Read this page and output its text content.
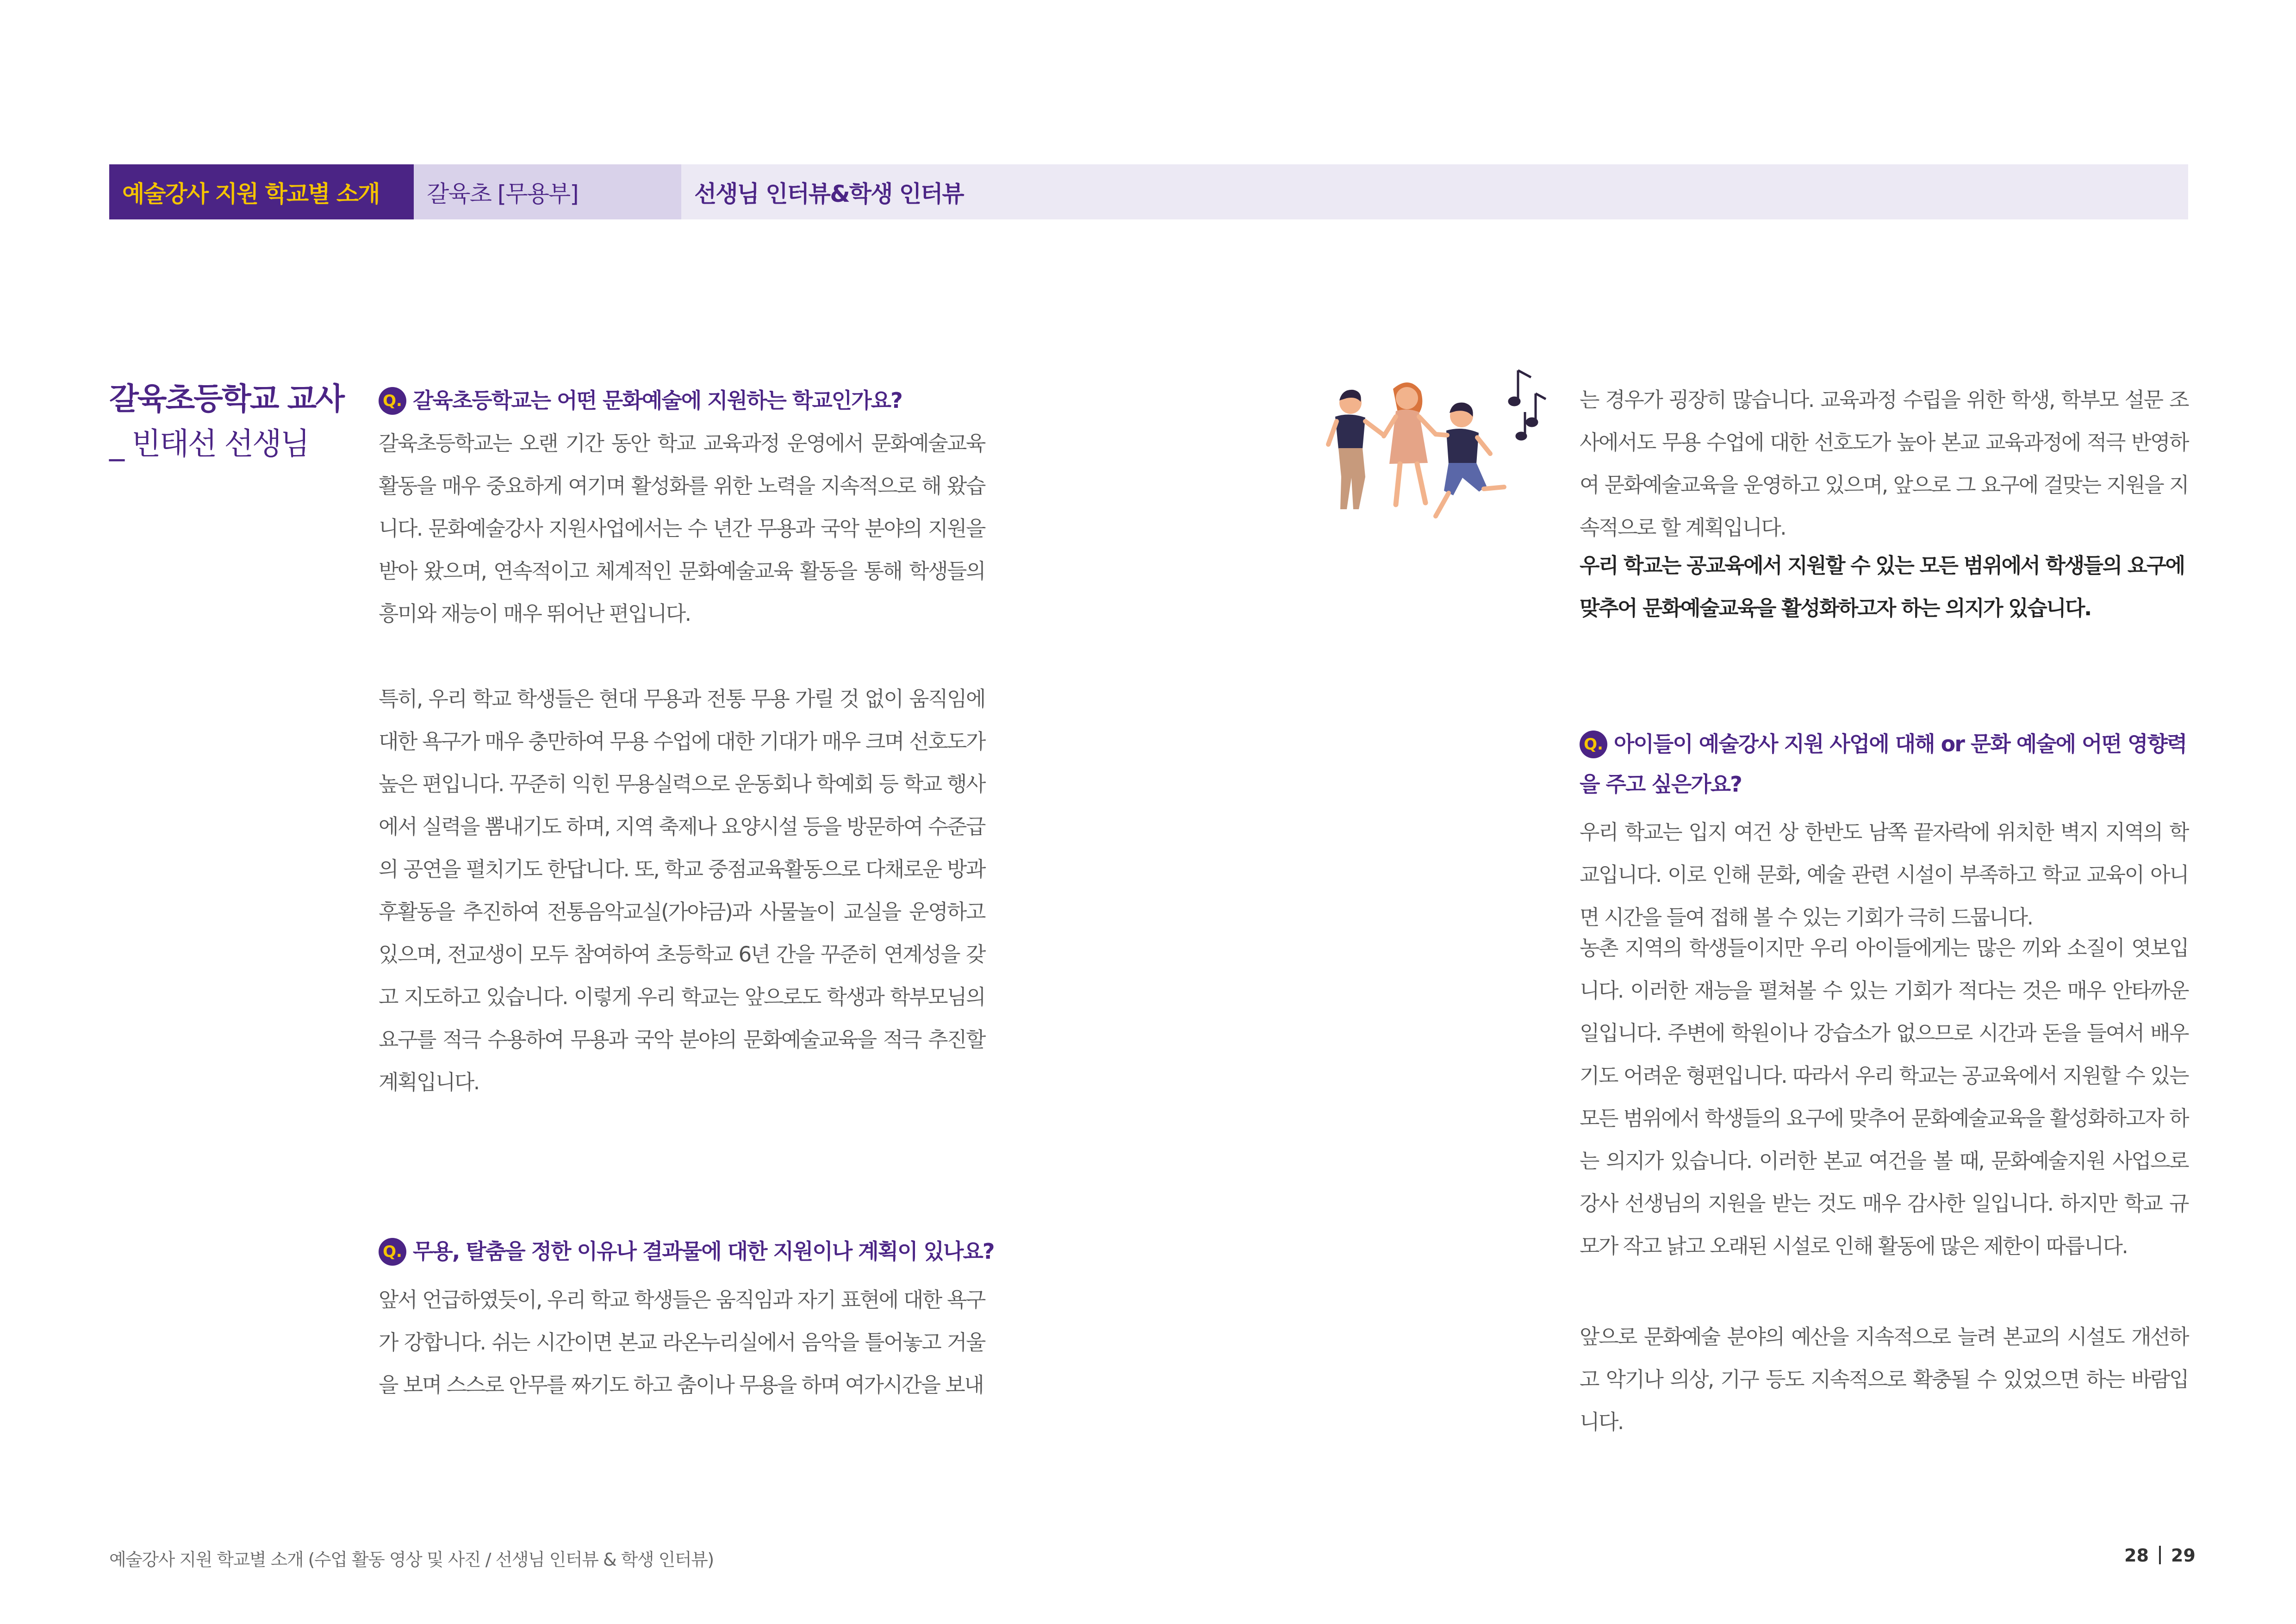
예술강사 지원 학교별 소개 갈육초 [무용부]	선생님 인터뷰&학생 인터뷰
갈육초등학교 교사
_ 빈태선 선생님
Q. 갈육초등학교는 어떤 문화예술에 지원하는 학교인가요?
갈육초등학교는 오랜 기간 동안 학교 교육과정 운영에서 문화예술교육활동을 매우 중요하게 여기며 활성화를 위한 노력을 지속적으로 해 왔습니다. 문화예술강사 지원사업에서는 수 년간 무용과 국악 분야의 지원을 받아 왔으며, 연속적이고 체계적인 문화예술교육 활동을 통해 학생들의 흥미와 재능이 매우 뛰어난 편입니다.
특히, 우리 학교 학생들은 현대 무용과 전통 무용 가릴 것 없이 움직임에 대한 욕구가 매우 충만하여 무용 수업에 대한 기대가 매우 크며 선호도가 높은 편입니다. 꾸준히 익힌 무용실력으로 운동회나 학예회 등 학교 행사에서 실력을 뽐내기도 하며, 지역 축제나 요양시설 등을 방문하여 수준급의 공연을 펼치기도 한답니다. 또, 학교 중점교육활동으로 다채로운 방과후활동을 추진하여 전통음악교실(가야금)과 사물놀이 교실을 운영하고 있으며, 전교생이 모두 참여하여 초등학교 6년 간을 꾸준히 연계성을 갖고 지도하고 있습니다. 이렇게 우리 학교는 앞으로도 학생과 학부모님의 요구를 적극 수용하여 무용과 국악 분야의 문화예술교육을 적극 추진할 계획입니다.
Q. 무용, 탈춤을 정한 이유나 결과물에 대한 지원이나 계획이 있나요?
앞서 언급하였듯이, 우리 학교 학생들은 움직임과 자기 표현에 대한 욕구가 강합니다. 쉬는 시간이면 본교 라온누리실에서 음악을 틀어놓고 거울을 보며 스스로 안무를 짜기도 하고 춤이나 무용을 하며 여가시간을 보내
는 경우가 굉장히 많습니다. 교육과정 수립을 위한 학생, 학부모 설문 조사에서도 무용 수업에 대한 선호도가 높아 본교 교육과정에 적극 반영하여 문화예술교육을 운영하고 있으며, 앞으로 그 요구에 걸맞는 지원을 지속적으로 할 계획입니다.
우리 학교는 공교육에서 지원할 수 있는 모든 범위에서 학생들의 요구에 맞추어 문화예술교육을 활성화하고자 하는 의지가 있습니다.
Q. 아이들이 예술강사 지원 사업에 대해 or 문화 예술에 어떤 영향력을 주고 싶은가요?
우리 학교는 입지 여건 상 한반도 남쪽 끝자락에 위치한 벽지 지역의 학교입니다. 이로 인해 문화, 예술 관련 시설이 부족하고 학교 교육이 아니면 시간을 들여 접해 볼 수 있는 기회가 극히 드뭅니다.
농촌 지역의 학생들이지만 우리 아이들에게는 많은 끼와 소질이 엿보입니다. 이러한 재능을 펼쳐볼 수 있는 기회가 적다는 것은 매우 안타까운 일입니다. 주변에 학원이나 강습소가 없으므로 시간과 돈을 들여서 배우기도 어려운 형편입니다. 따라서 우리 학교는 공교육에서 지원할 수 있는 모든 범위에서 학생들의 요구에 맞추어 문화예술교육을 활성화하고자 하는 의지가 있습니다. 이러한 본교 여건을 볼 때, 문화예술지원 사업으로 강사 선생님의 지원을 받는 것도 매우 감사한 일입니다. 하지만 학교 규모가 작고 낡고 오래된 시설로 인해 활동에 많은 제한이 따릅니다.
앞으로 문화예술 분야의 예산을 지속적으로 늘려 본교의 시설도 개선하고 악기나 의상, 기구 등도 지속적으로 확충될 수 있었으면 하는 바람입니다.
예술강사 지원 학교별 소개 (수업 활동 영상 및 사진 / 선생님 인터뷰 & 학생 인터뷰)	28 29
